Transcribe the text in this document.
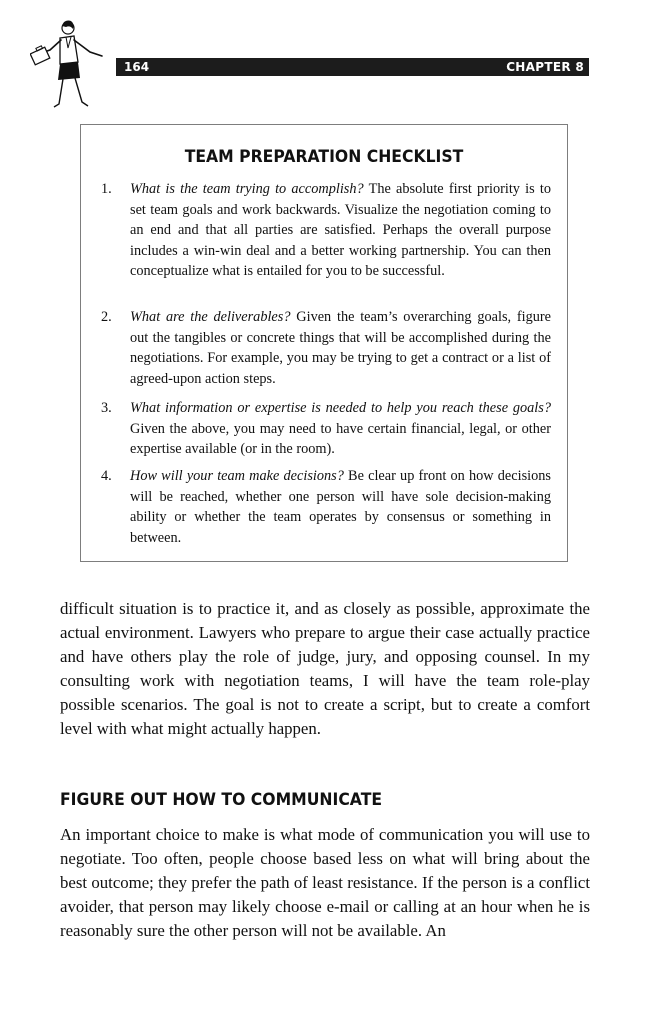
164	CHAPTER 8
TEAM PREPARATION CHECKLIST
1.	What is the team trying to accomplish? The absolute first priority is to set team goals and work backwards. Visualize the negotiation coming to an end and that all parties are satisfied. Perhaps the overall purpose includes a win-win deal and a better working partnership. You can then conceptualize what is entailed for you to be successful.
2.	What are the deliverables? Given the team’s overarching goals, figure out the tangibles or concrete things that will be accomplished during the negotiations. For example, you may be trying to get a contract or a list of agreed-upon action steps.
3.	What information or expertise is needed to help you reach these goals? Given the above, you may need to have certain financial, legal, or other expertise available (or in the room).
4.	How will your team make decisions? Be clear up front on how decisions will be reached, whether one person will have sole decision-making ability or whether the team operates by consensus or something in between.
difficult situation is to practice it, and as closely as possible, approximate the actual environment. Lawyers who prepare to argue their case actually practice and have others play the role of judge, jury, and opposing counsel. In my consulting work with negotiation teams, I will have the team role-play possible scenarios. The goal is not to create a script, but to create a comfort level with what might actually happen.
FIGURE OUT HOW TO COMMUNICATE
An important choice to make is what mode of communication you will use to negotiate. Too often, people choose based less on what will bring about the best outcome; they prefer the path of least resistance. If the person is a conflict avoider, that person may likely choose e-mail or calling at an hour when he is reasonably sure the other person will not be available. An
